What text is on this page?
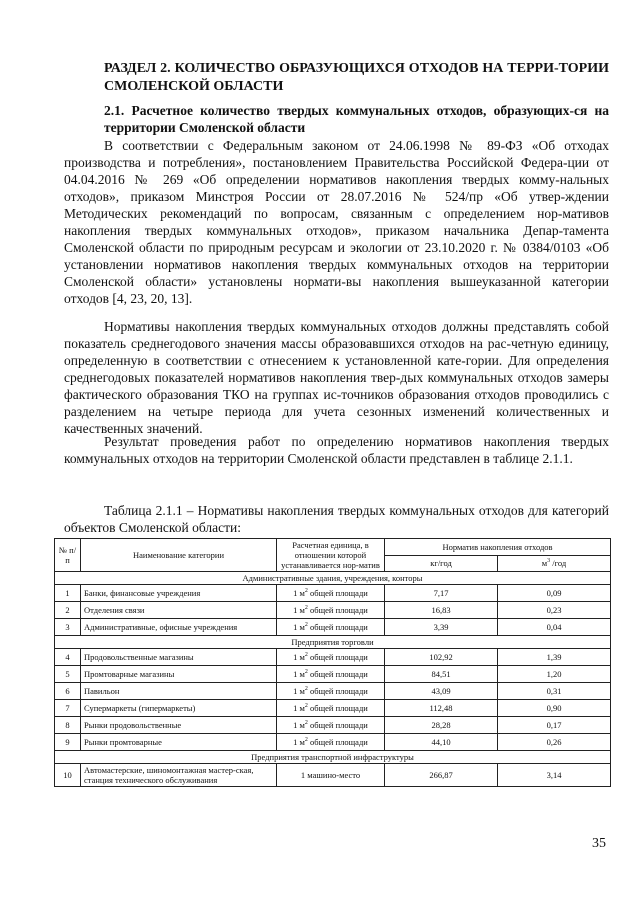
РАЗДЕЛ 2. КОЛИЧЕСТВО ОБРАЗУЮЩИХСЯ ОТХОДОВ НА ТЕРРИ-ТОРИИ СМОЛЕНСКОЙ ОБЛАСТИ
2.1. Расчетное количество твердых коммунальных отходов, образующих-ся на территории Смоленской области

В соответствии с Федеральным законом от 24.06.1998 № 89-ФЗ «Об отходах производства и потребления», постановлением Правительства Российской Федера-ции от 04.04.2016 № 269 «Об определении нормативов накопления твердых комму-нальных отходов», приказом Минстроя России от 28.07.2016 № 524/пр «Об утвер-ждении Методических рекомендаций по вопросам, связанным с определением нор-мативов накопления твердых коммунальных отходов», приказом начальника Депар-тамента Смоленской области по природным ресурсам и экологии от 23.10.2020 г. № 0384/0103 «Об установлении нормативов накопления твердых коммунальных отходов на территории Смоленской области» установлены нормати-вы накопления вышеуказанной категории отходов [4, 23, 20, 13].

Нормативы накопления твердых коммунальных отходов должны представлять собой показатель среднегодового значения массы образовавшихся отходов на рас-четную единицу, определенную в соответствии с отнесением к установленной кате-гории. Для определения среднегодовых показателей нормативов накопления твер-дых коммунальных отходов замеры фактического образования ТКО на группах ис-точников образования отходов проводились с разделением на четыре периода для учета сезонных изменений количественных и качественных значений.

Результат проведения работ по определению нормативов накопления твердых коммунальных отходов на территории Смоленской области представлен в таблице 2.1.1.

Таблица 2.1.1 – Нормативы накопления твердых коммунальных отходов для категорий объектов Смоленской области:

№ п/п	Наименование категории	Расчетная единица, в отношении которой устанавливается нор-матив	Норматив накопления отходов	
			кг/год	$м^3$ /год
Административные здания, учреждения, конторы				
1	Банки, финансовые учреждения	1 $м^2$ общей площади	7,17	0,09
2	Отделения связи	1 $м^2$ общей площади	16,83	0,23
3	Административные, офисные учреждения	1 $м^2$ общей площади	3,39	0,04
Предприятия торговли				
4	Продовольственные магазины	1 $м^2$ общей площади	102,92	1,39
5	Промтоварные магазины	1 $м^2$ общей площади	84,51	1,20
6	Павильон	1 $м^2$ общей площади	43,09	0,31
7	Супермаркеты (гипермаркеты)	1 $м^2$ общей площади	112,48	0,90
8	Рынки продовольственные	1 $м^2$ общей площади	28,28	0,17
9	Рынки промтоварные	1 $м^2$ общей площади	44,10	0,26
Предприятия транспортной инфраструктуры				
10	Автомастерские, шиномонтажная мастер-ская, станция технического обслуживания	1 машино-место	266,87	3,14
35
